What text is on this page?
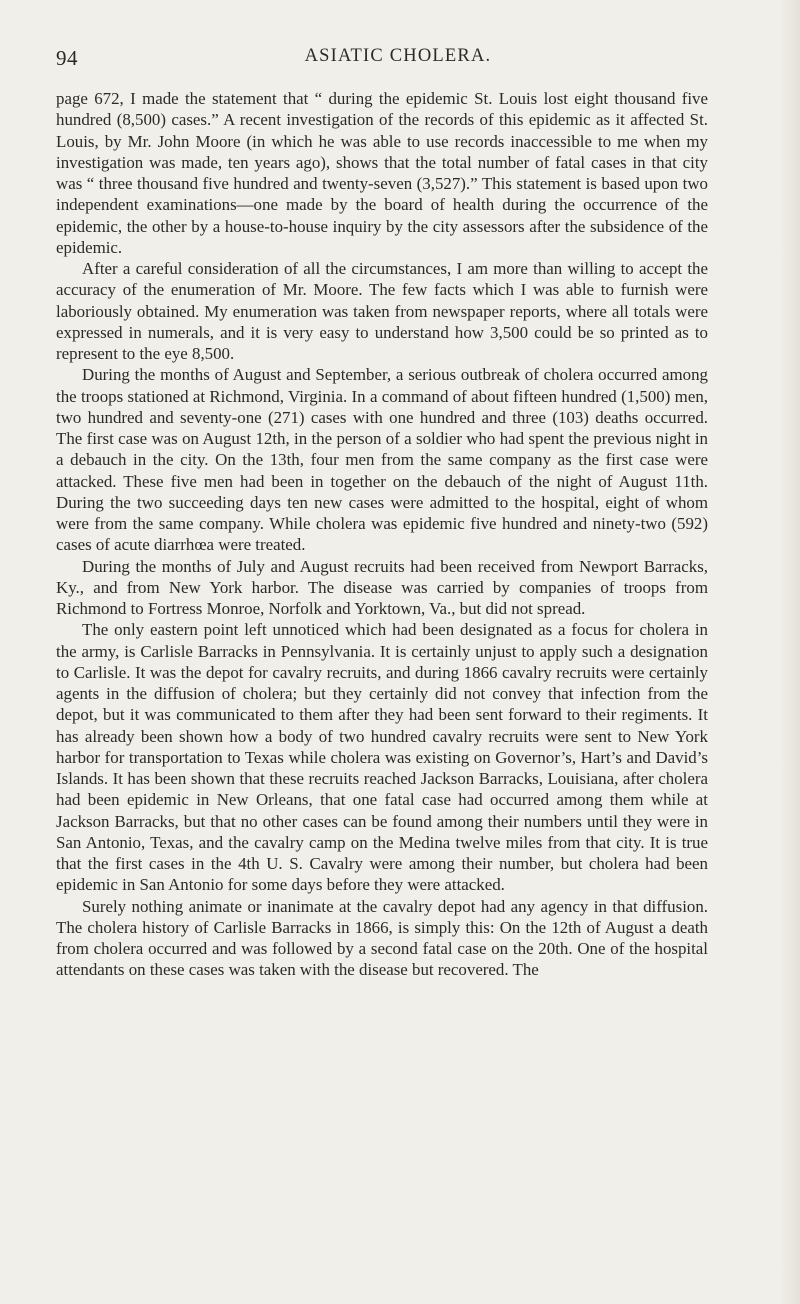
94	ASIATIC CHOLERA.

page 672, I made the statement that “ during the epidemic St. Louis lost eight thousand five hundred (8,500) cases.” A recent investigation of the records of this epidemic as it affected St. Louis, by Mr. John Moore (in which he was able to use records inaccessible to me when my investigation was made, ten years ago), shows that the total number of fatal cases in that city was “ three thousand five hundred and twenty-seven (3,527).” This statement is based upon two independent examinations—one made by the board of health during the occurrence of the epidemic, the other by a house-to-house inquiry by the city assessors after the subsidence of the epidemic.

After a careful consideration of all the circumstances, I am more than willing to accept the accuracy of the enumeration of Mr. Moore. The few facts which I was able to furnish were laboriously obtained. My enumeration was taken from newspaper reports, where all totals were expressed in numerals, and it is very easy to understand how 3,500 could be so printed as to represent to the eye 8,500.

During the months of August and September, a serious outbreak of cholera occurred among the troops stationed at Richmond, Virginia. In a command of about fifteen hundred (1,500) men, two hundred and seventy-one (271) cases with one hundred and three (103) deaths occurred. The first case was on August 12th, in the person of a soldier who had spent the previous night in a debauch in the city. On the 13th, four men from the same company as the first case were attacked. These five men had been in together on the debauch of the night of August 11th. During the two succeeding days ten new cases were admitted to the hospital, eight of whom were from the same company. While cholera was epidemic five hundred and ninety-two (592) cases of acute diarrhœa were treated.

During the months of July and August recruits had been received from Newport Barracks, Ky., and from New York harbor. The disease was carried by companies of troops from Richmond to Fortress Monroe, Norfolk and Yorktown, Va., but did not spread.

The only eastern point left unnoticed which had been designated as a focus for cholera in the army, is Carlisle Barracks in Pennsylvania. It is certainly unjust to apply such a designation to Carlisle. It was the depot for cavalry recruits, and during 1866 cavalry recruits were certainly agents in the diffusion of cholera; but they certainly did not convey that infection from the depot, but it was communicated to them after they had been sent forward to their regiments. It has already been shown how a body of two hundred cavalry recruits were sent to New York harbor for transportation to Texas while cholera was existing on Governor’s, Hart’s and David’s Islands. It has been shown that these recruits reached Jackson Barracks, Louisiana, after cholera had been epidemic in New Orleans, that one fatal case had occurred among them while at Jackson Barracks, but that no other cases can be found among their numbers until they were in San Antonio, Texas, and the cavalry camp on the Medina twelve miles from that city. It is true that the first cases in the 4th U. S. Cavalry were among their number, but cholera had been epidemic in San Antonio for some days before they were attacked.

Surely nothing animate or inanimate at the cavalry depot had any agency in that diffusion. The cholera history of Carlisle Barracks in 1866, is simply this: On the 12th of August a death from cholera occurred and was followed by a second fatal case on the 20th. One of the hospital attendants on these cases was taken with the disease but recovered. The
